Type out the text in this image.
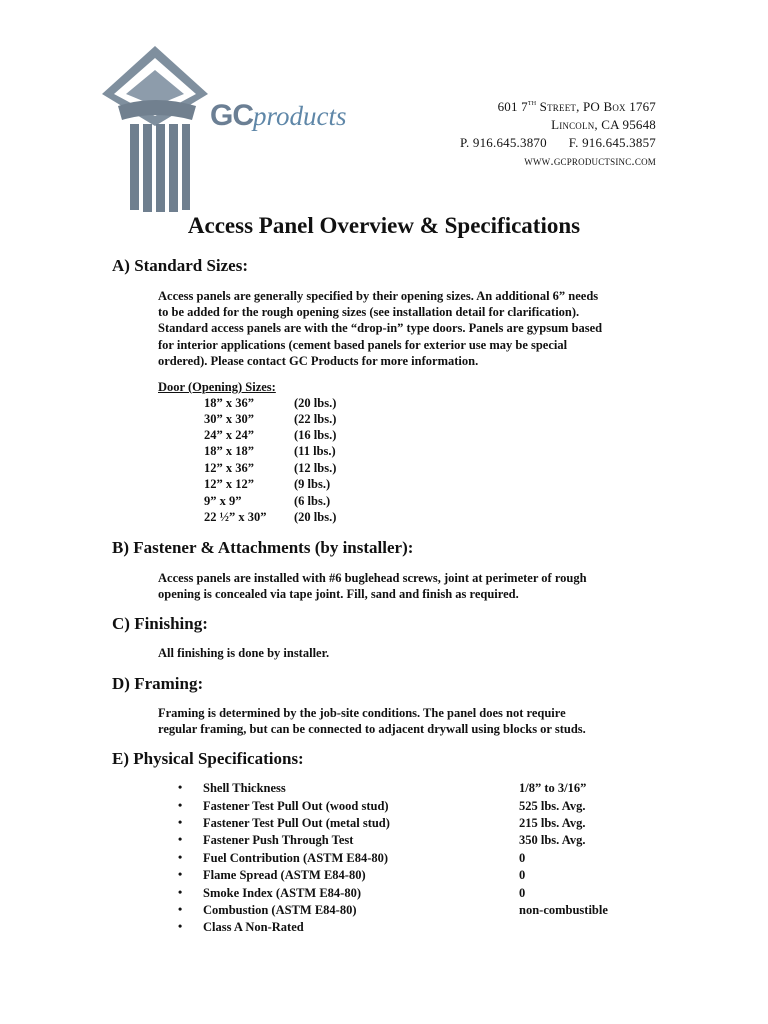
GCproducts	601 7th Street, PO Box 1767
Lincoln, CA 95648
P. 916.645.3870 F. 916.645.3857
www.gcproductsinc.com
Access Panel Overview & Specifications
A) Standard Sizes:
Access panels are generally specified by their opening sizes. An additional 6” needs
to be added for the rough opening sizes (see installation detail for clarification).
Standard access panels are with the “drop-in” type doors. Panels are gypsum based
for interior applications (cement based panels for exterior use may be special
ordered). Please contact GC Products for more information.
Door (Opening) Sizes:
18” x 36”	(20 lbs.)
30” x 30”	(22 lbs.)
24” x 24”	(16 lbs.)
18” x 18”	(11 lbs.)
12” x 36”	(12 lbs.)
12” x 12”	(9 lbs.)
9” x 9”	(6 lbs.)
22 ½” x 30” (20 lbs.)
B) Fastener & Attachments (by installer):
Access panels are installed with #6 buglehead screws, joint at perimeter of rough
opening is concealed via tape joint. Fill, sand and finish as required.
C) Finishing:
All finishing is done by installer.
D) Framing:
Framing is determined by the job-site conditions. The panel does not require
regular framing, but can be connected to adjacent drywall using blocks or studs.
E) Physical Specifications:
• Shell Thickness	1/8” to 3/16”
• Fastener Test Pull Out (wood stud)	525 lbs. Avg.
• Fastener Test Pull Out (metal stud)	215 lbs. Avg.
• Fastener Push Through Test	350 lbs. Avg.
• Fuel Contribution (ASTM E84-80)	0
• Flame Spread (ASTM E84-80)	0
• Smoke Index (ASTM E84-80)	0
• Combustion (ASTM E84-80)	non-combustible
• Class A Non-Rated
